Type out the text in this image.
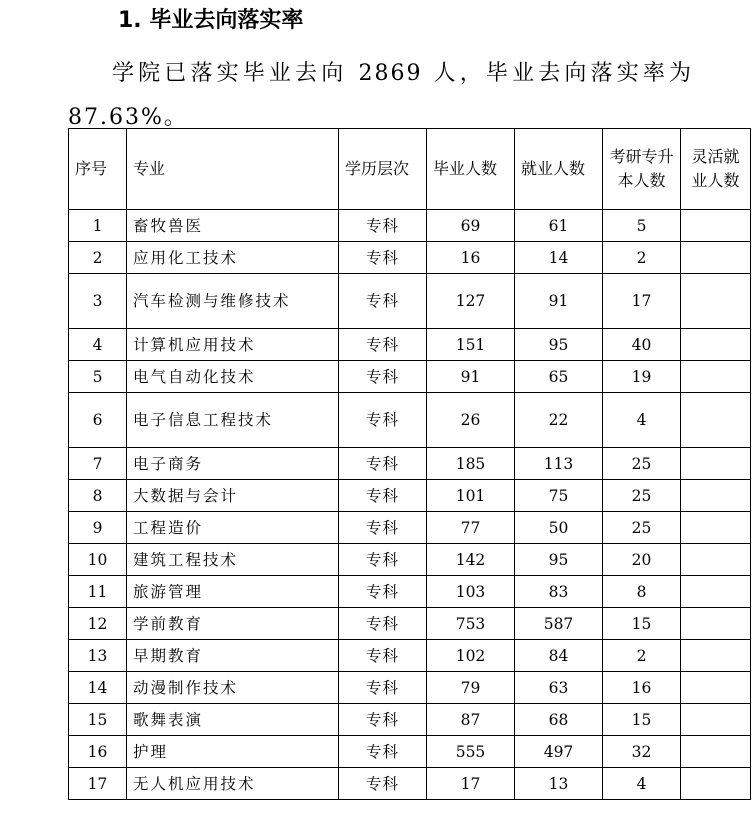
1. 毕业去向落实率
学院已落实毕业去向 2869 人，毕业去向落实率为 87.63%。
序号	专业	学历层次	毕业人数	就业人数	考研专升本人数	灵活就业人数
1	畜牧兽医	专科	69	61	5	
2	应用化工技术	专科	16	14	2	
3	汽车检测与维修技术	专科	127	91	17	
4	计算机应用技术	专科	151	95	40	
5	电气自动化技术	专科	91	65	19	
6	电子信息工程技术	专科	26	22	4	
7	电子商务	专科	185	113	25	
8	大数据与会计	专科	101	75	25	
9	工程造价	专科	77	50	25	
10	建筑工程技术	专科	142	95	20	
11	旅游管理	专科	103	83	8	
12	学前教育	专科	753	587	15	
13	早期教育	专科	102	84	2	
14	动漫制作技术	专科	79	63	16	
15	歌舞表演	专科	87	68	15	
16	护理	专科	555	497	32	
17	无人机应用技术	专科	17	13	4	
